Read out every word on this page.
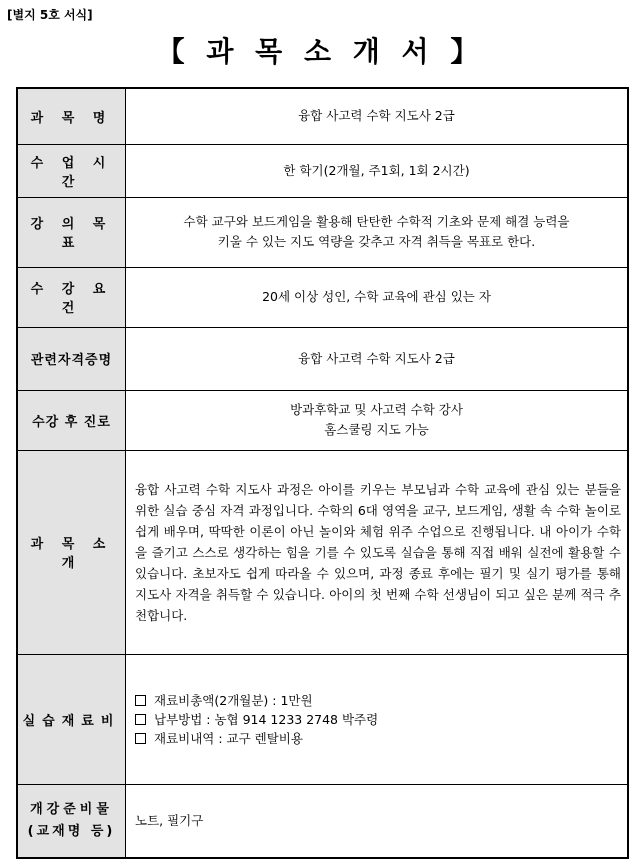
[별지 5호 서식]
【 과 목 소 개 서 】
과 목 명	융합 사고력 수학 지도사 2급
수 업 시 간	한 학기(2개월, 주1회, 1회 2시간)
강 의 목 표	수학 교구와 보드게임을 활용해 탄탄한 수학적 기초와 문제 해결 능력을
키울 수 있는 지도 역량을 갖추고 자격 취득을 목표로 한다.

수 강 요 건	20세 이상 성인, 수학 교육에 관심 있는 자
관련자격증명	융합 사고력 수학 지도사 2급
수강 후 진로	방과후학교 및 사고력 수학 강사
홈스쿨링 지도 가능

과 목 소 개	융합 사고력 수학 지도사 과정은 아이를 키우는 부모님과 수학 교육에 관심 있는 분들을 위한 실습 중심 자격 과정입니다. 수학의 6대 영역을 교구, 보드게임, 생활 속 수학 놀이로 쉽게 배우며, 딱딱한 이론이 아닌 놀이와 체험 위주 수업으로 진행됩니다. 내 아이가 수학을 즐기고 스스로 생각하는 힘을 기를 수 있도록 실습을 통해 직접 배워 실전에 활용할 수 있습니다. 초보자도 쉽게 따라올 수 있으며, 과정 종료 후에는 필기 및 실기 평가를 통해 지도사 자격을 취득할 수 있습니다. 아이의 첫 번째 수학 선생님이 되고 싶은 분께 적극 추천합니다.

실습재료비	재료비총액(2개월분) : 1만원
납부방법 : 농협 914 1233 2748 박주령
재료비내역 : 교구 렌탈비용

개강준비물
(교재명 등)	노트, 필기구
